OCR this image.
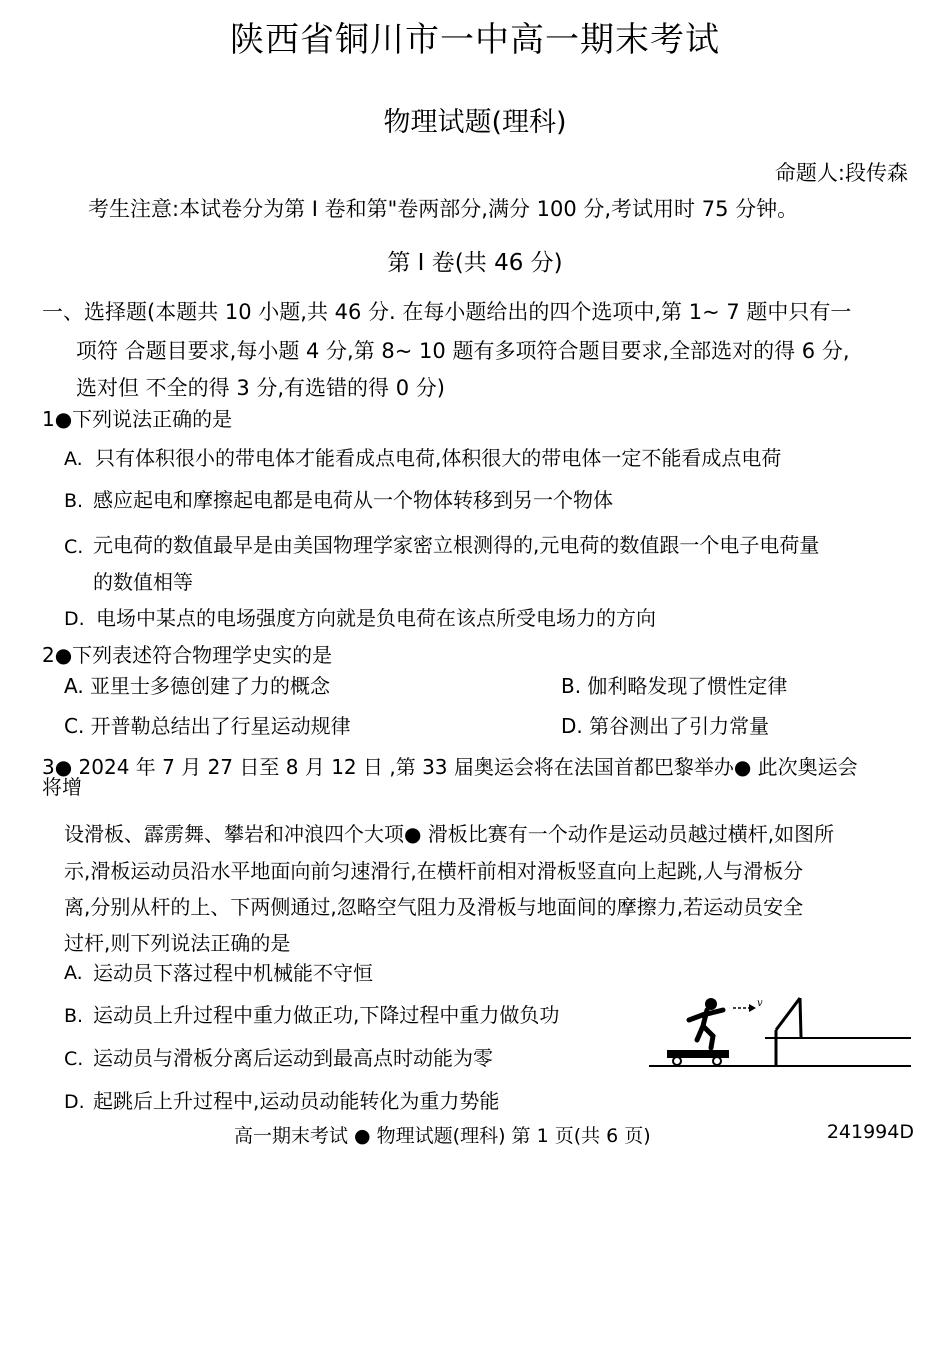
陕西省铜川市一中高一期末考试
物理试题(理科)
命题人:段传森
考生注意:本试卷分为第 I 卷和第"卷两部分,满分 100 分,考试用时 75 分钟。
第 I 卷(共 46 分)
一、选择题(本题共 10 小题,共 46 分. 在每小题给出的四个选项中,第 1~ 7 题中只有一
项符 合题目要求,每小题 4 分,第 8~ 10 题有多项符合题目要求,全部选对的得 6 分,
选对但 不全的得 3 分,有选错的得 0 分)
1●下列说法正确的是
A. 只有体积很小的带电体才能看成点电荷,体积很大的带电体一定不能看成点电荷
B. 感应起电和摩擦起电都是电荷从一个物体转移到另一个物体
C. 元电荷的数值最早是由美国物理学家密立根测得的,元电荷的数值跟一个电子电荷量
的数值相等
D. 电场中某点的电场强度方向就是负电荷在该点所受电场力的方向
2●下列表述符合物理学史实的是
A. 亚里士多德创建了力的概念	B. 伽利略发现了惯性定律
C. 开普勒总结出了行星运动规律	D. 第谷测出了引力常量
3● 2024 年 7 月 27 日至 8 月 12 日 ,第 33 届奥运会将在法国首都巴黎举办● 此次奥运会
将增
设滑板、霹雳舞、攀岩和冲浪四个大项● 滑板比赛有一个动作是运动员越过横杆,如图所
示,滑板运动员沿水平地面向前匀速滑行,在横杆前相对滑板竖直向上起跳,人与滑板分
离,分别从杆的上、下两侧通过,忽略空气阻力及滑板与地面间的摩擦力,若运动员安全
过杆,则下列说法正确的是
A. 运动员下落过程中机械能不守恒
B. 运动员上升过程中重力做正功,下降过程中重力做负功
C. 运动员与滑板分离后运动到最高点时动能为零
D. 起跳后上升过程中,运动员动能转化为重力势能
v
高一期末考试 ● 物理试题(理科) 第 1 页(共 6 页)	241994D
